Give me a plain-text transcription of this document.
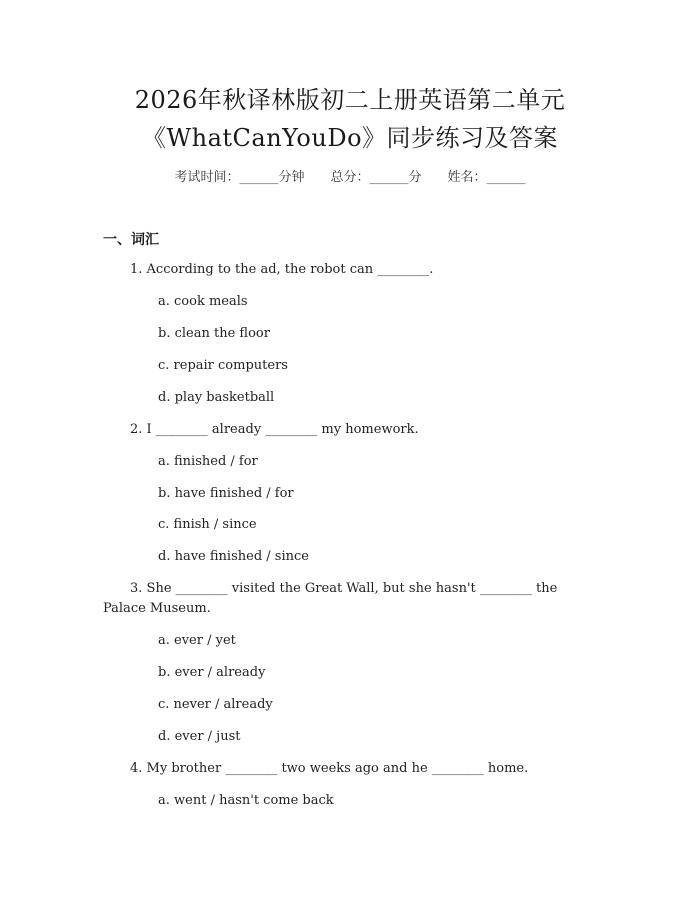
2026年秋译林版初二上册英语第二单元
《WhatCanYouDo》同步练习及答案
考试时间：______分钟 总分：______分 姓名：______
一、词汇
1. According to the ad, the robot can ________.
a. cook meals
b. clean the floor
c. repair computers
d. play basketball
2. I ________ already ________ my homework.
a. finished / for
b. have finished / for
c. finish / since
d. have finished / since
3. She ________ visited the Great Wall, but she hasn't ________ the
Palace Museum.
a. ever / yet
b. ever / already
c. never / already
d. ever / just
4. My brother ________ two weeks ago and he ________ home.
a. went / hasn't come back
